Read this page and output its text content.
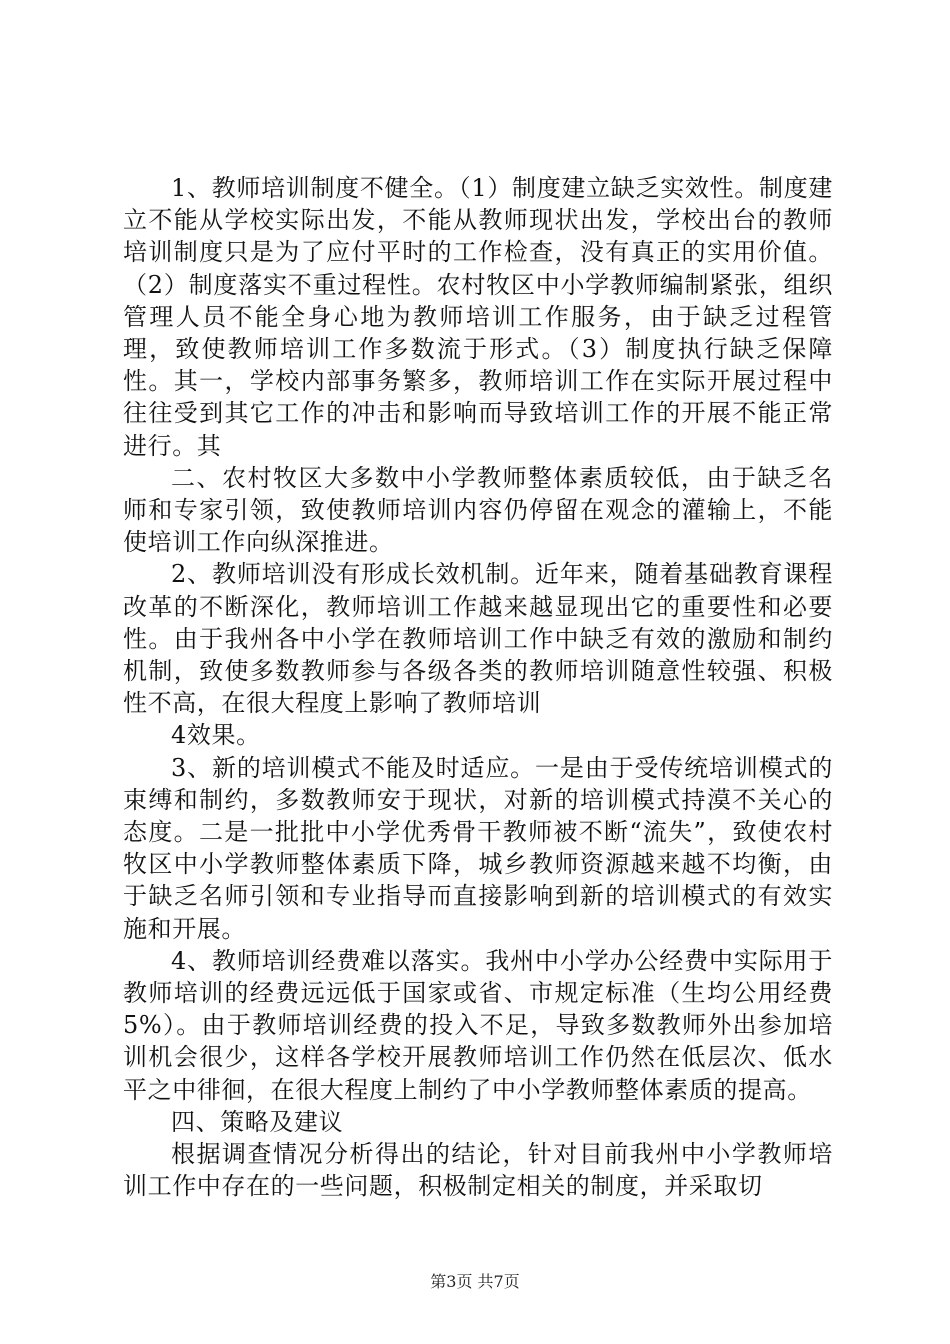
1、教师培训制度不健全。（1）制度建立缺乏实效性。制度建立不能从学校实际出发，不能从教师现状出发，学校出台的教师培训制度只是为了应付平时的工作检查，没有真正的实用价值。（2）制度落实不重过程性。农村牧区中小学教师编制紧张，组织管理人员不能全身心地为教师培训工作服务，由于缺乏过程管理，致使教师培训工作多数流于形式。（3）制度执行缺乏保障性。其一，学校内部事务繁多，教师培训工作在实际开展过程中往往受到其它工作的冲击和影响而导致培训工作的开展不能正常进行。其

二、农村牧区大多数中小学教师整体素质较低，由于缺乏名师和专家引领，致使教师培训内容仍停留在观念的灌输上，不能使培训工作向纵深推进。

2、教师培训没有形成长效机制。近年来，随着基础教育课程改革的不断深化，教师培训工作越来越显现出它的重要性和必要性。由于我州各中小学在教师培训工作中缺乏有效的激励和制约机制，致使多数教师参与各级各类的教师培训随意性较强、积极性不高，在很大程度上影响了教师培训

4效果。

3、新的培训模式不能及时适应。一是由于受传统培训模式的束缚和制约，多数教师安于现状，对新的培训模式持漠不关心的态度。二是一批批中小学优秀骨干教师被不断“流失”，致使农村牧区中小学教师整体素质下降，城乡教师资源越来越不均衡，由于缺乏名师引领和专业指导而直接影响到新的培训模式的有效实施和开展。

4、教师培训经费难以落实。我州中小学办公经费中实际用于教师培训的经费远远低于国家或省、市规定标准（生均公用经费5%）。由于教师培训经费的投入不足，导致多数教师外出参加培训机会很少，这样各学校开展教师培训工作仍然在低层次、低水平之中徘徊，在很大程度上制约了中小学教师整体素质的提高。

四、策略及建议

根据调查情况分析得出的结论，针对目前我州中小学教师培训工作中存在的一些问题，积极制定相关的制度，并采取切

第3页 共7页
